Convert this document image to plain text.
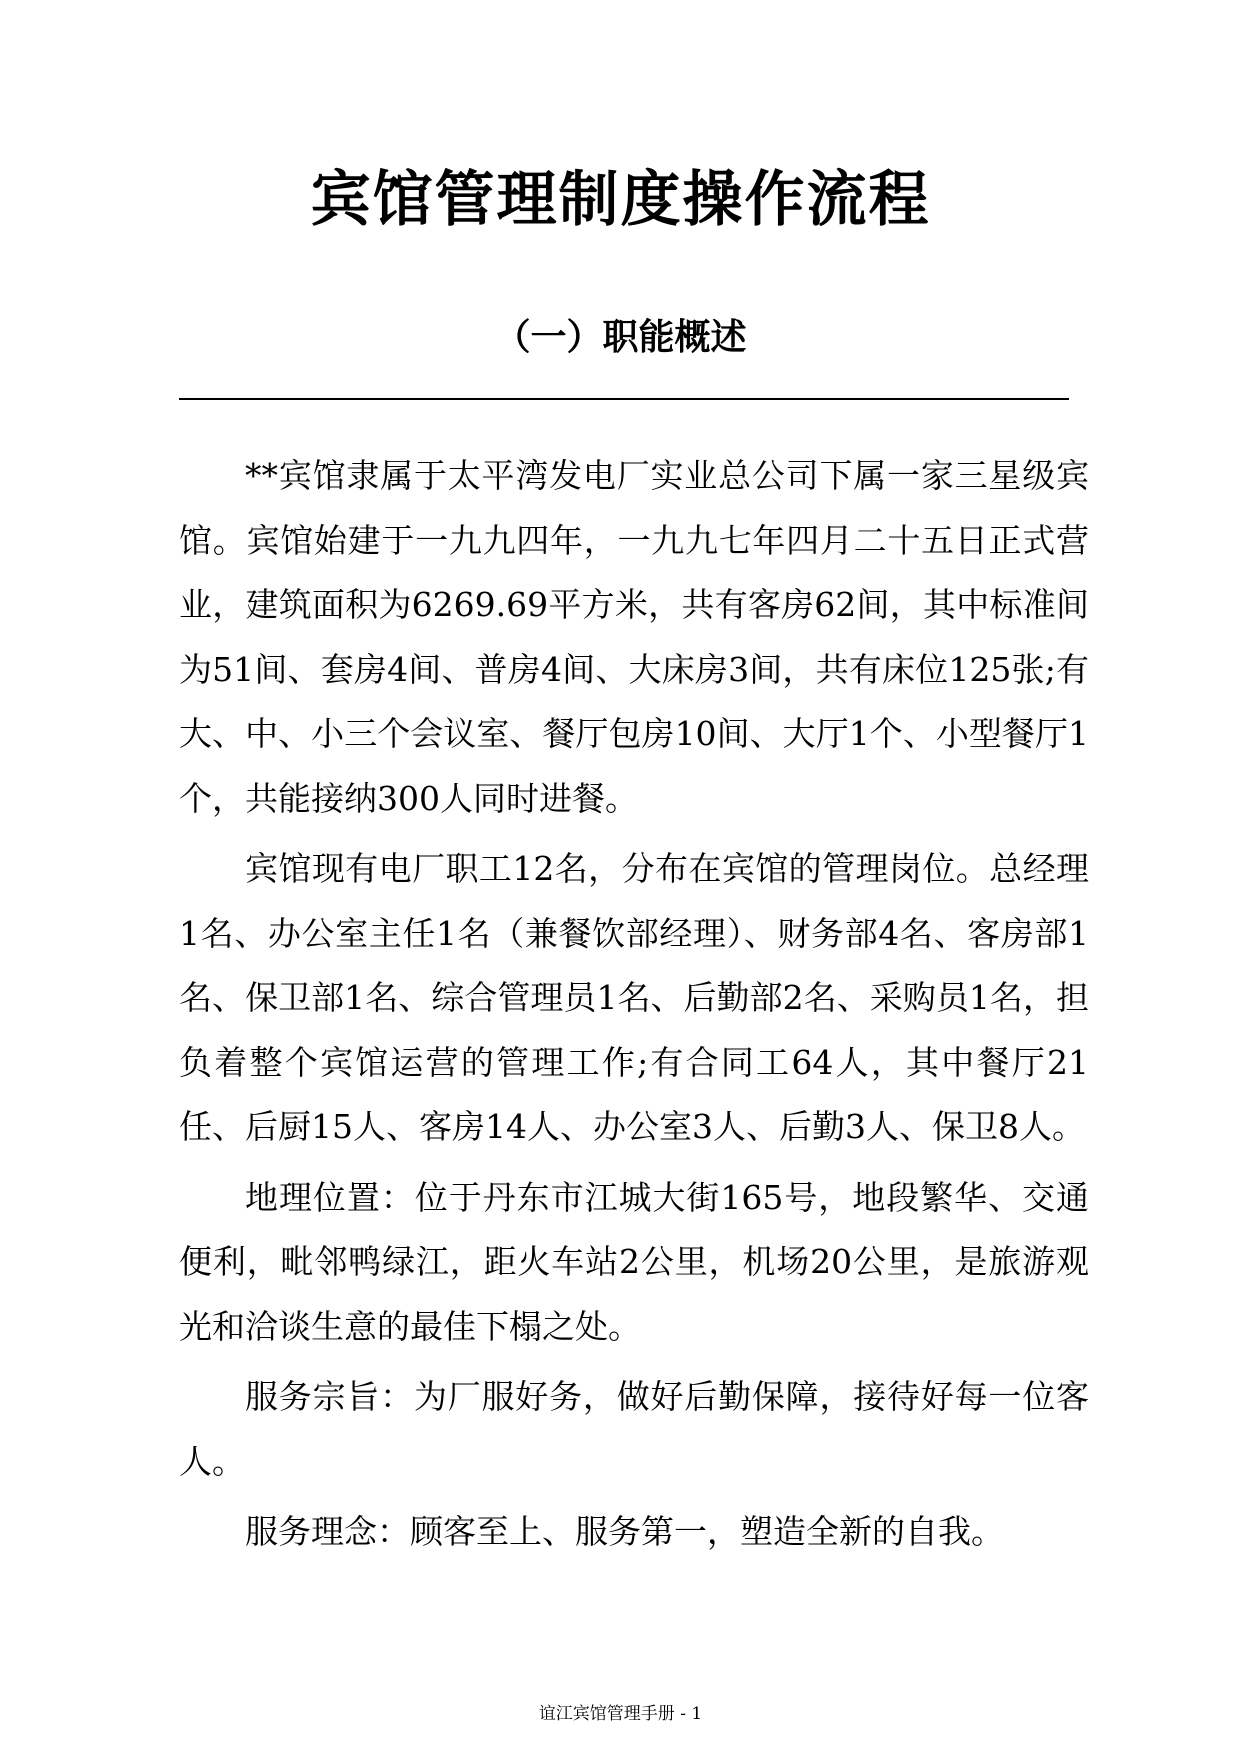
宾馆管理制度操作流程
（一）职能概述

**宾馆隶属于太平湾发电厂实业总公司下属一家三星级宾馆。宾馆始建于一九九四年，一九九七年四月二十五日正式营业，建筑面积为6269.69平方米，共有客房62间，其中标准间为51间、套房4间、普房4间、大床房3间，共有床位125张;有大、中、小三个会议室、餐厅包房10间、大厅1个、小型餐厅1个，共能接纳300人同时进餐。

宾馆现有电厂职工12名，分布在宾馆的管理岗位。总经理1名、办公室主任1名（兼餐饮部经理）、财务部4名、客房部1名、保卫部1名、综合管理员1名、后勤部2名、采购员1名，担负着整个宾馆运营的管理工作;有合同工64人，其中餐厅21任、后厨15人、客房14人、办公室3人、后勤3人、保卫8人。

地理位置：位于丹东市江城大街165号，地段繁华、交通便利，毗邻鸭绿江，距火车站2公里，机场20公里，是旅游观光和洽谈生意的最佳下榻之处。

服务宗旨：为厂服好务，做好后勤保障，接待好每一位客人。

服务理念：顾客至上、服务第一，塑造全新的自我。

谊江宾馆管理手册 - 1
